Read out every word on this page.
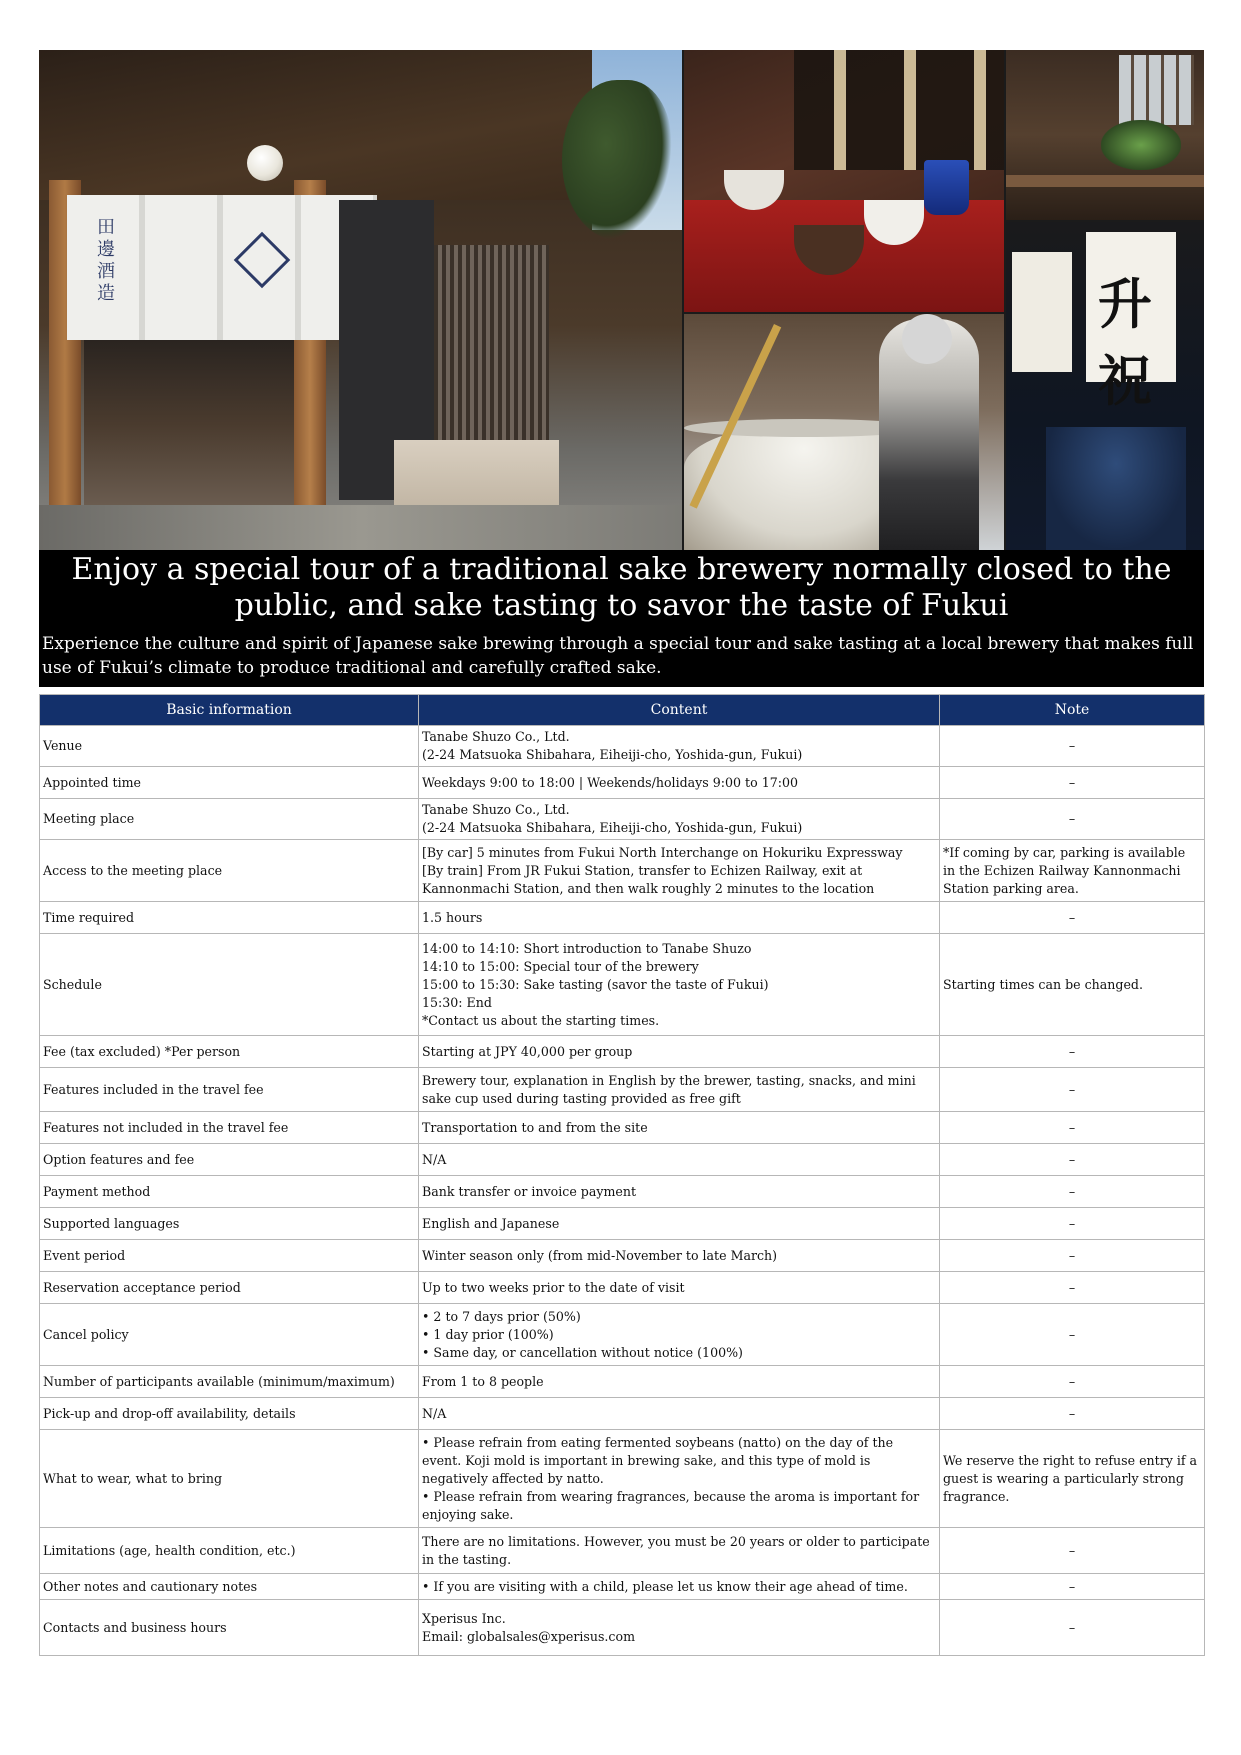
田邊酒造	升祝
Enjoy a special tour of a traditional sake brewery normally closed to the public, and sake tasting to savor the taste of Fukui

Experience the culture and spirit of Japanese sake brewing through a special tour and sake tasting at a local brewery that makes full use of Fukui’s climate to produce traditional and carefully crafted sake.

Basic information	Content	Note
Venue	Tanabe Shuzo Co., Ltd.
(2-24 Matsuoka Shibahara, Eiheiji-cho, Yoshida-gun, Fukui)	–
Appointed time	Weekdays 9:00 to 18:00 | Weekends/holidays 9:00 to 17:00	–
Meeting place	Tanabe Shuzo Co., Ltd.
(2-24 Matsuoka Shibahara, Eiheiji-cho, Yoshida-gun, Fukui)	–
Access to the meeting place	[By car] 5 minutes from Fukui North Interchange on Hokuriku Expressway
[By train] From JR Fukui Station, transfer to Echizen Railway, exit at Kannonmachi Station, and then walk roughly 2 minutes to the location	*If coming by car, parking is available in the Echizen Railway Kannonmachi Station parking area.
Time required	1.5 hours	–
Schedule	14:00 to 14:10: Short introduction to Tanabe Shuzo
14:10 to 15:00: Special tour of the brewery
15:00 to 15:30: Sake tasting (savor the taste of Fukui)
15:30: End
*Contact us about the starting times.	Starting times can be changed.
Fee (tax excluded) *Per person	Starting at JPY 40,000 per group	–
Features included in the travel fee	Brewery tour, explanation in English by the brewer, tasting, snacks, and mini sake cup used during tasting provided as free gift	–
Features not included in the travel fee	Transportation to and from the site	–
Option features and fee	N/A	–
Payment method	Bank transfer or invoice payment	–
Supported languages	English and Japanese	–
Event period	Winter season only (from mid-November to late March)	–
Reservation acceptance period	Up to two weeks prior to the date of visit	–
Cancel policy	• 2 to 7 days prior (50%)
• 1 day prior (100%)
• Same day, or cancellation without notice (100%)	–
Number of participants available (minimum/maximum)	From 1 to 8 people	–
Pick-up and drop-off availability, details	N/A	–
What to wear, what to bring	• Please refrain from eating fermented soybeans (natto) on the day of the event. Koji mold is important in brewing sake, and this type of mold is negatively affected by natto.
• Please refrain from wearing fragrances, because the aroma is important for enjoying sake.	We reserve the right to refuse entry if a guest is wearing a particularly strong fragrance.
Limitations (age, health condition, etc.)	There are no limitations. However, you must be 20 years or older to participate in the tasting.	–
Other notes and cautionary notes	• If you are visiting with a child, please let us know their age ahead of time.	–
Contacts and business hours	Xperisus Inc.
Email: globalsales@xperisus.com	–
